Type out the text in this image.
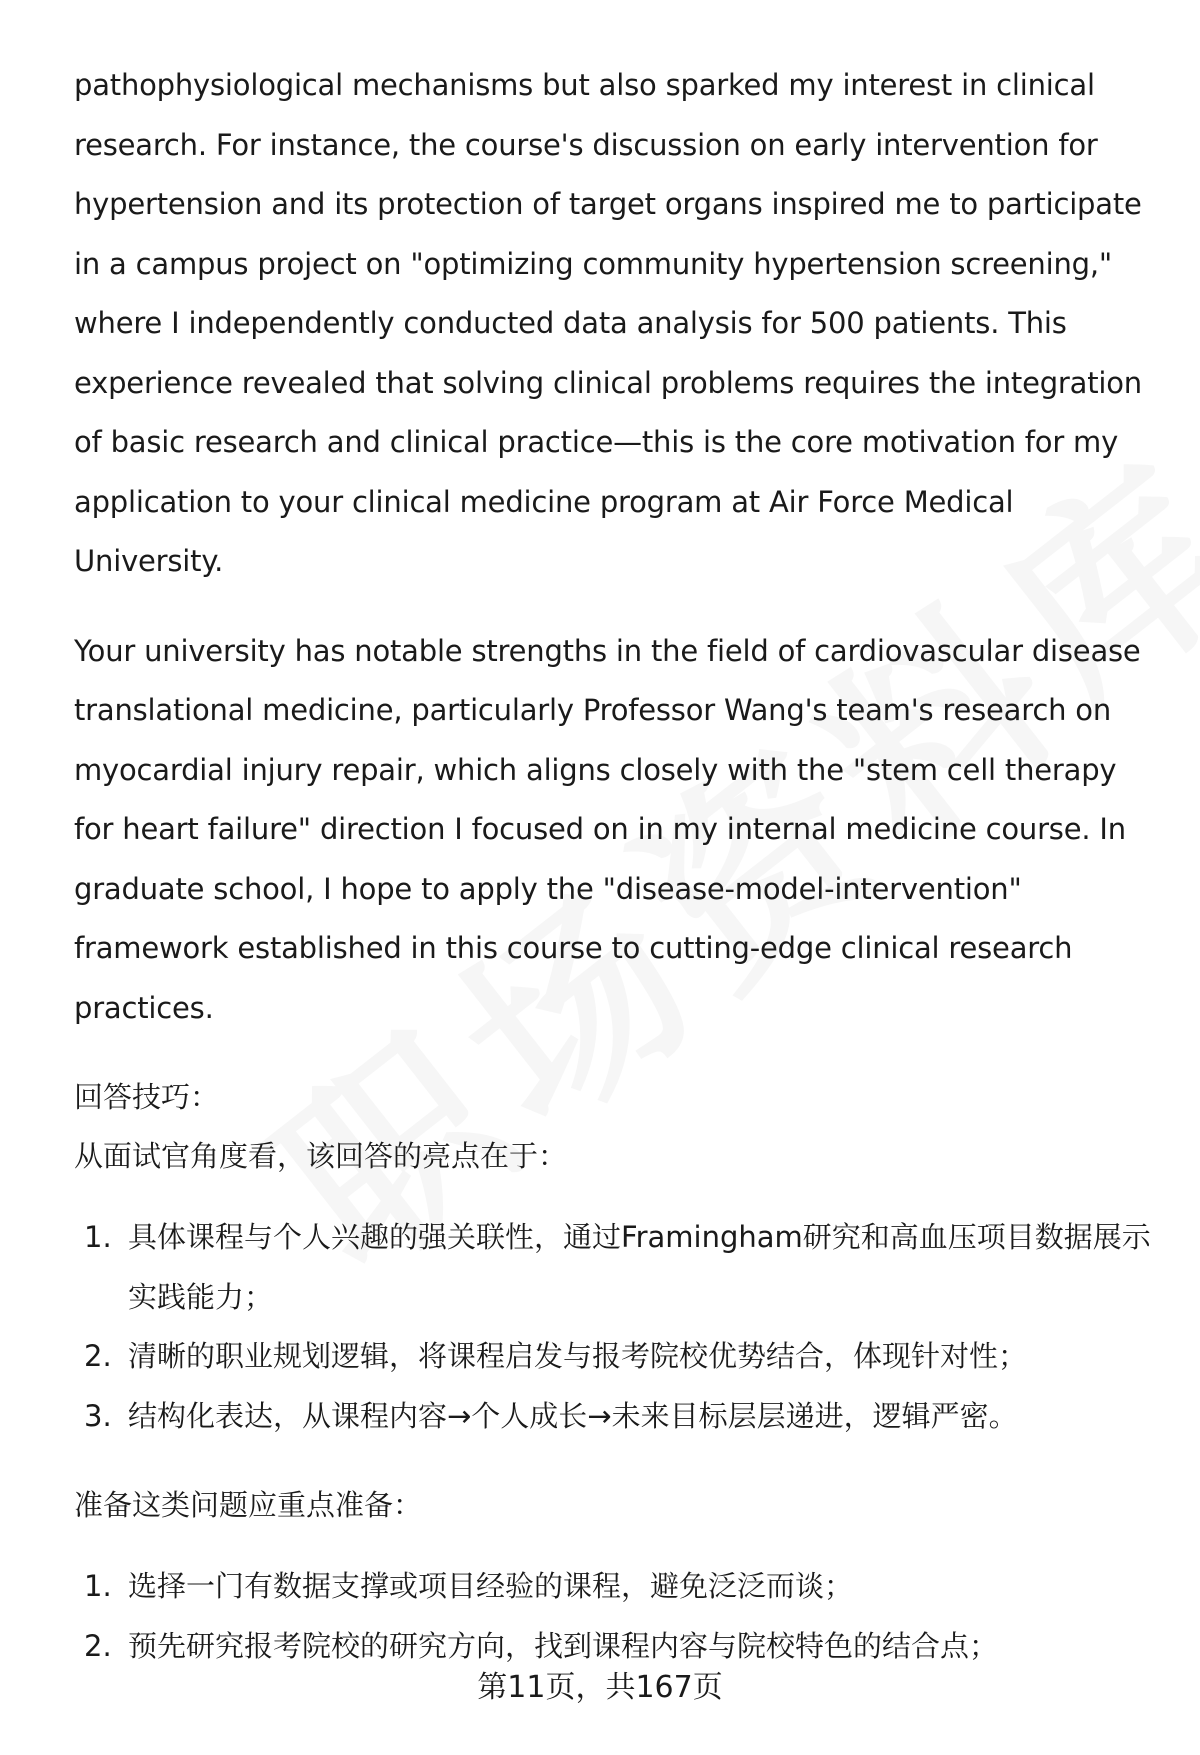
pathophysiological mechanisms but also sparked my interest in clinical research. For instance, the course's discussion on early intervention for hypertension and its protection of target organs inspired me to participate in a campus project on "optimizing community hypertension screening," where I independently conducted data analysis for 500 patients. This experience revealed that solving clinical problems requires the integration of basic research and clinical practice—this is the core motivation for my application to your clinical medicine program at Air Force Medical University.

Your university has notable strengths in the field of cardiovascular disease translational medicine, particularly Professor Wang's team's research on myocardial injury repair, which aligns closely with the "stem cell therapy for heart failure" direction I focused on in my internal medicine course. In graduate school, I hope to apply the "disease-model-intervention" framework established in this course to cutting-edge clinical research practices.

回答技巧：

从面试官角度看，该回答的亮点在于：

1. 具体课程与个人兴趣的强关联性，通过Framingham研究和高血压项目数据展示实践能力；
2. 清晰的职业规划逻辑，将课程启发与报考院校优势结合，体现针对性；
3. 结构化表达，从课程内容→个人成长→未来目标层层递进，逻辑严密。

准备这类问题应重点准备：

1. 选择一门有数据支撑或项目经验的课程，避免泛泛而谈；
2. 预先研究报考院校的研究方向，找到课程内容与院校特色的结合点；
第11页，共167页
